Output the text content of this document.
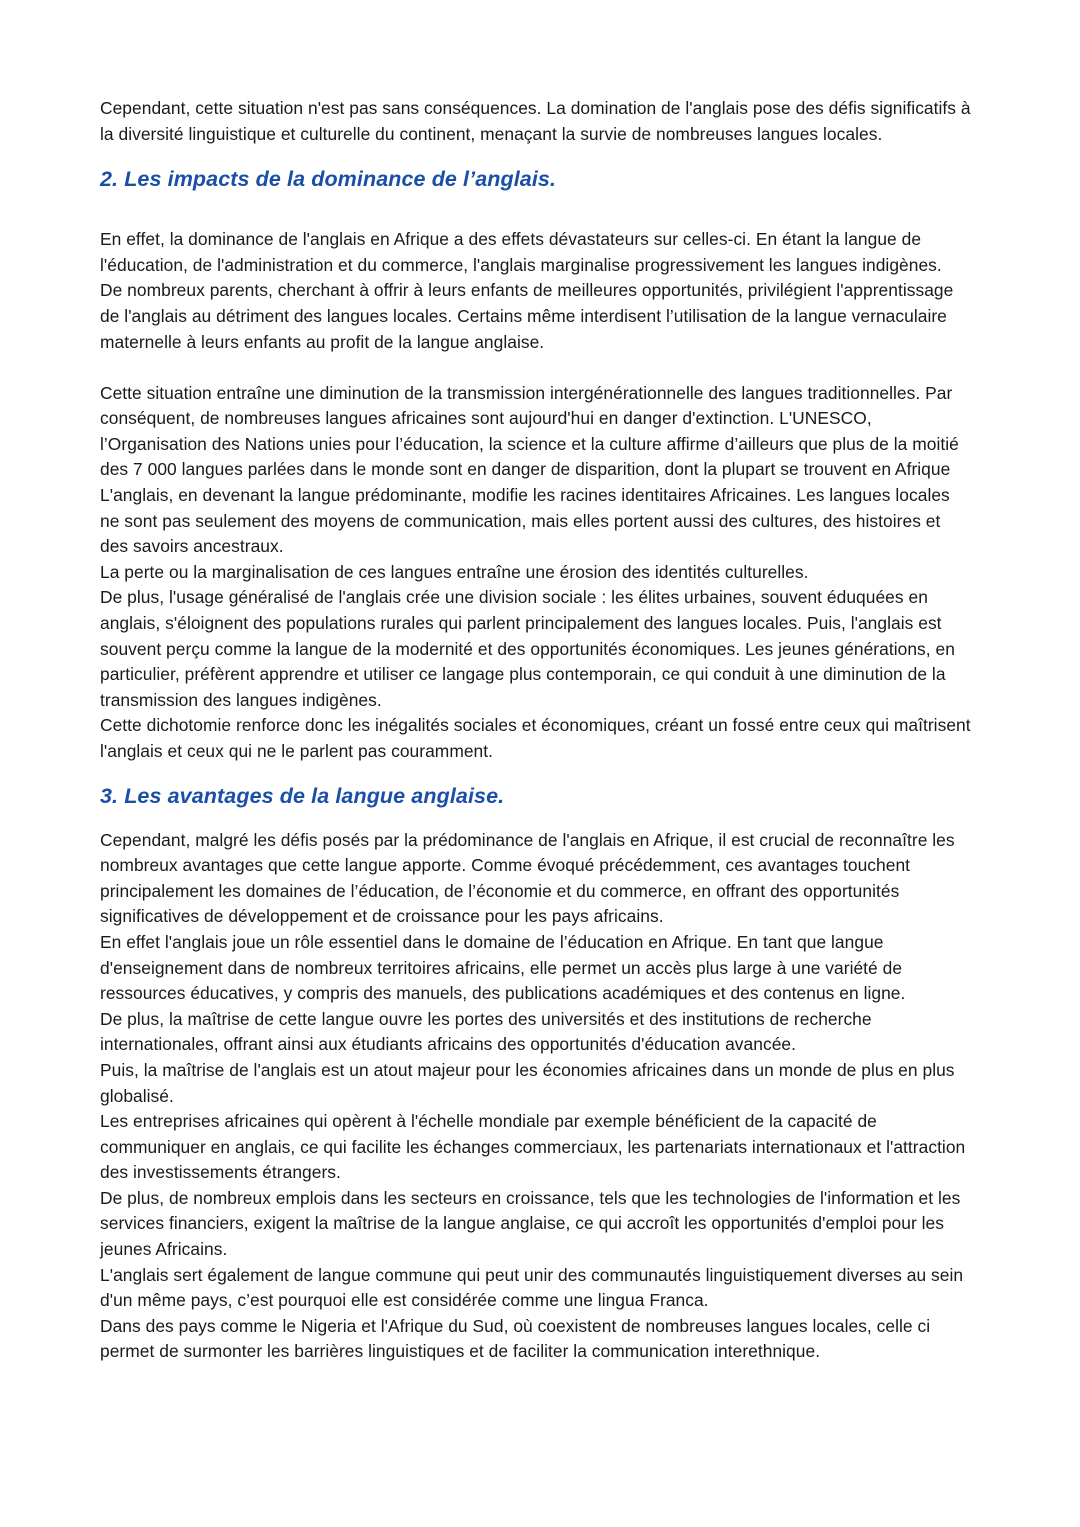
Cependant, cette situation n'est pas sans conséquences. La domination de l'anglais pose des défis significatifs à la diversité linguistique et culturelle du continent, menaçant la survie de nombreuses langues locales.

2. Les impacts de la dominance de l’anglais.

En effet, la dominance de l'anglais en Afrique a des effets dévastateurs sur celles-ci. En étant la langue de l'éducation, de l'administration et du commerce, l'anglais marginalise progressivement les langues indigènes.

De nombreux parents, cherchant à offrir à leurs enfants de meilleures opportunités, privilégient l'apprentissage de l'anglais au détriment des langues locales. Certains même interdisent l’utilisation de la langue vernaculaire maternelle à leurs enfants au profit de la langue anglaise.

Cette situation entraîne une diminution de la transmission intergénérationnelle des langues traditionnelles. Par conséquent, de nombreuses langues africaines sont aujourd'hui en danger d'extinction. L'UNESCO, l’Organisation des Nations unies pour l’éducation, la science et la culture affirme d’ailleurs que plus de la moitié des 7 000 langues parlées dans le monde sont en danger de disparition, dont la plupart se trouvent en Afrique

L'anglais, en devenant la langue prédominante, modifie les racines identitaires Africaines. Les langues locales ne sont pas seulement des moyens de communication, mais elles portent aussi des cultures, des histoires et des savoirs ancestraux.

La perte ou la marginalisation de ces langues entraîne une érosion des identités culturelles.

De plus, l'usage généralisé de l'anglais crée une division sociale : les élites urbaines, souvent éduquées en anglais, s'éloignent des populations rurales qui parlent principalement des langues locales. Puis, l'anglais est souvent perçu comme la langue de la modernité et des opportunités économiques. Les jeunes générations, en particulier, préfèrent apprendre et utiliser ce langage plus contemporain, ce qui conduit à une diminution de la transmission des langues indigènes.

Cette dichotomie renforce donc les inégalités sociales et économiques, créant un fossé entre ceux qui maîtrisent l'anglais et ceux qui ne le parlent pas couramment.

3. Les avantages de la langue anglaise.

Cependant, malgré les défis posés par la prédominance de l'anglais en Afrique, il est crucial de reconnaître les nombreux avantages que cette langue apporte. Comme évoqué précédemment, ces avantages touchent principalement les domaines de l’éducation, de l’économie et du commerce, en offrant des opportunités significatives de développement et de croissance pour les pays africains.

En effet l'anglais joue un rôle essentiel dans le domaine de l’éducation en Afrique. En tant que langue d'enseignement dans de nombreux territoires africains, elle permet un accès plus large à une variété de ressources éducatives, y compris des manuels, des publications académiques et des contenus en ligne.

De plus, la maîtrise de cette langue ouvre les portes des universités et des institutions de recherche internationales, offrant ainsi aux étudiants africains des opportunités d'éducation avancée.

Puis, la maîtrise de l'anglais est un atout majeur pour les économies africaines dans un monde de plus en plus globalisé.

Les entreprises africaines qui opèrent à l'échelle mondiale par exemple bénéficient de la capacité de communiquer en anglais, ce qui facilite les échanges commerciaux, les partenariats internationaux et l'attraction des investissements étrangers.

De plus, de nombreux emplois dans les secteurs en croissance, tels que les technologies de l'information et les services financiers, exigent la maîtrise de la langue anglaise, ce qui accroît les opportunités d'emploi pour les jeunes Africains.

L'anglais sert également de langue commune qui peut unir des communautés linguistiquement diverses au sein d'un même pays, c’est pourquoi elle est considérée comme une lingua Franca.

Dans des pays comme le Nigeria et l'Afrique du Sud, où coexistent de nombreuses langues locales, celle ci permet de surmonter les barrières linguistiques et de faciliter la communication interethnique.
